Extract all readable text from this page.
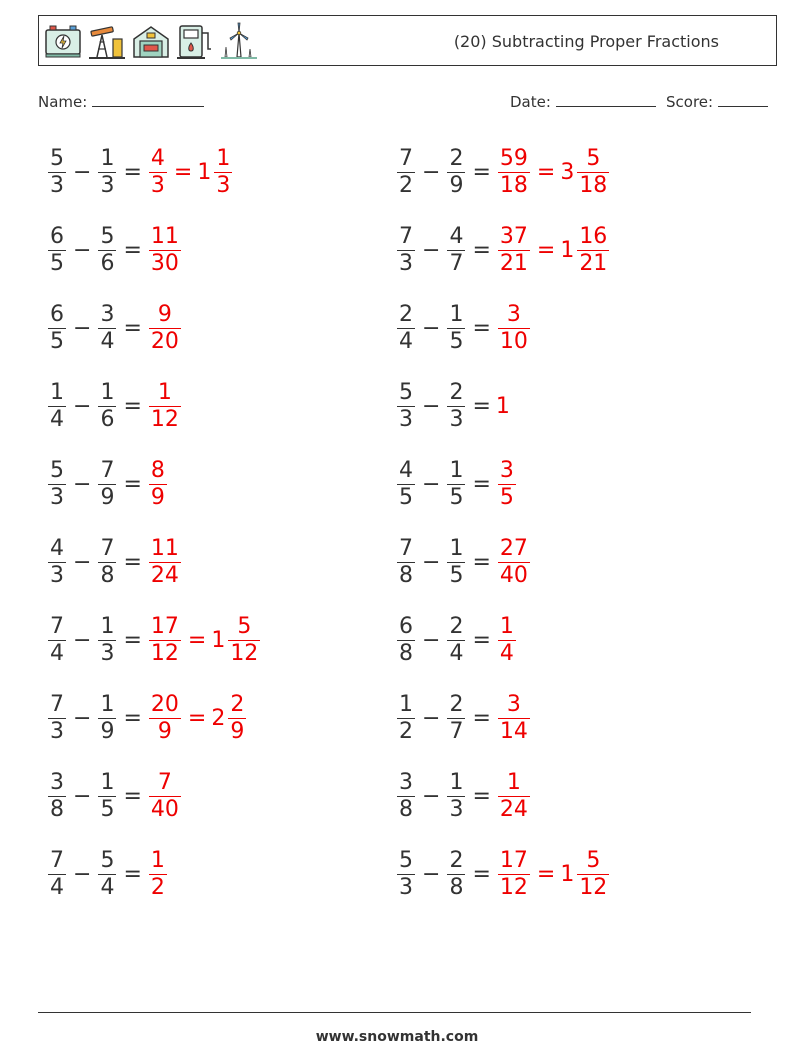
(20) Subtracting Proper Fractions
Name:	Date:	Score:
$\frac{5}{3} - \frac{1}{3} = \frac{4}{3} = 1 \frac{1}{3}$	$\frac{7}{2} - \frac{2}{9} = \frac{59}{18} = 3 \frac{5}{18}$
$\frac{6}{5} - \frac{5}{6} = \frac{11}{30}$	$\frac{7}{3} - \frac{4}{7} = \frac{37}{21} = 1 \frac{16}{21}$
$\frac{6}{5} - \frac{3}{4} = \frac{9}{20}$	$\frac{2}{4} - \frac{1}{5} = \frac{3}{10}$
$\frac{1}{4} - \frac{1}{6} = \frac{1}{12}$	$\frac{5}{3} - \frac{2}{3} = 1$
$\frac{5}{3} - \frac{7}{9} = \frac{8}{9}$	$\frac{4}{5} - \frac{1}{5} = \frac{3}{5}$
$\frac{4}{3} - \frac{7}{8} = \frac{11}{24}$	$\frac{7}{8} - \frac{1}{5} = \frac{27}{40}$
$\frac{7}{4} - \frac{1}{3} = \frac{17}{12} = 1 \frac{5}{12}$	$\frac{6}{8} - \frac{2}{4} = \frac{1}{4}$
$\frac{7}{3} - \frac{1}{9} = \frac{20}{9} = 2 \frac{2}{9}$	$\frac{1}{2} - \frac{2}{7} = \frac{3}{14}$
$\frac{3}{8} - \frac{1}{5} = \frac{7}{40}$	$\frac{3}{8} - \frac{1}{3} = \frac{1}{24}$
$\frac{7}{4} - \frac{5}{4} = \frac{1}{2}$	$\frac{5}{3} - \frac{2}{8} = \frac{17}{12} = 1 \frac{5}{12}$
www.snowmath.com
